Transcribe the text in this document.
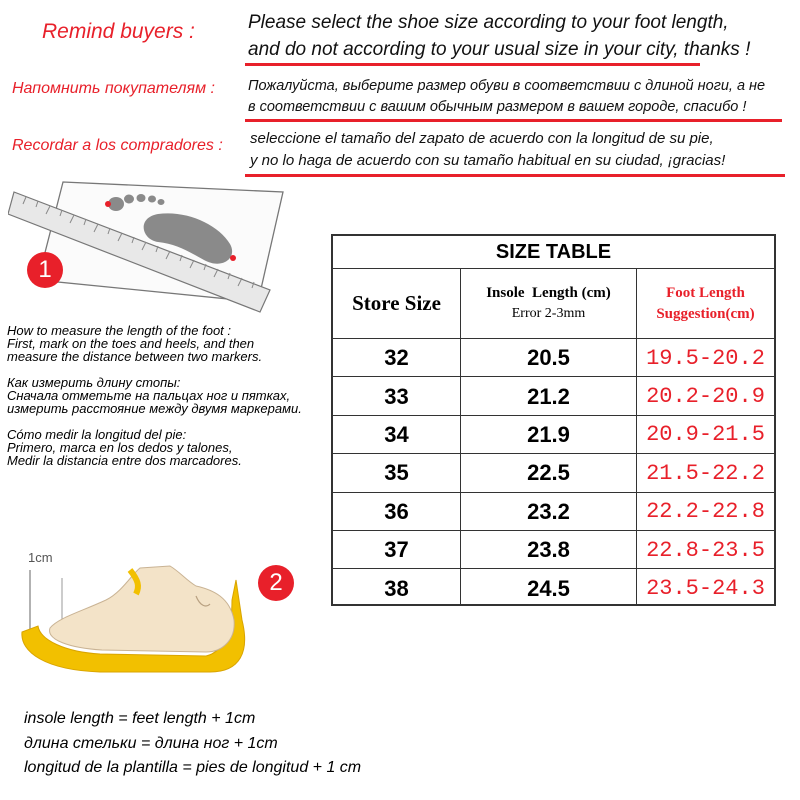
Remind buyers :	Please select the shoe size according to your foot length,
and do not according to your usual size in your city, thanks !
Напомнить покупателям : Пожалуйста, выберите размер обуви в соответствии с длиной ноги, а не
в соответствии с вашим обычным размером в вашем городе, спасибо !
Recordar a los compradores : seleccione el tamaño del zapato de acuerdo con la longitud de su pie,
y no lo haga de acuerdo con su tamaño habitual en su ciudad, ¡gracias!
1
How to measure the length of the foot :
First, mark on the toes and heels, and then
measure the distance between two markers.
Как измерить длину стопы:
Сначала отметьте на пальцах ног и пятках,
измерить расстояние между двумя маркерами.
Cómo medir la longitud del pie:
Primero, marca en los dedos y talones,
Medir la distancia entre dos marcadores.
1cm
2
insole length = feet length + 1cm
длина стельки = длина ног + 1cm
longitud de la plantilla = pies de longitud + 1 cm
SIZE TABLE
Store Size	Insole  Length (cm)
Error 2-3mm
Foot Length
Suggestion(cm)
32	20.5	19.5-20.2
33	21.2	20.2-20.9
34	21.9	20.9-21.5
35	22.5	21.5-22.2
36	23.2	22.2-22.8
37	23.8	22.8-23.5
38	24.5	23.5-24.3
